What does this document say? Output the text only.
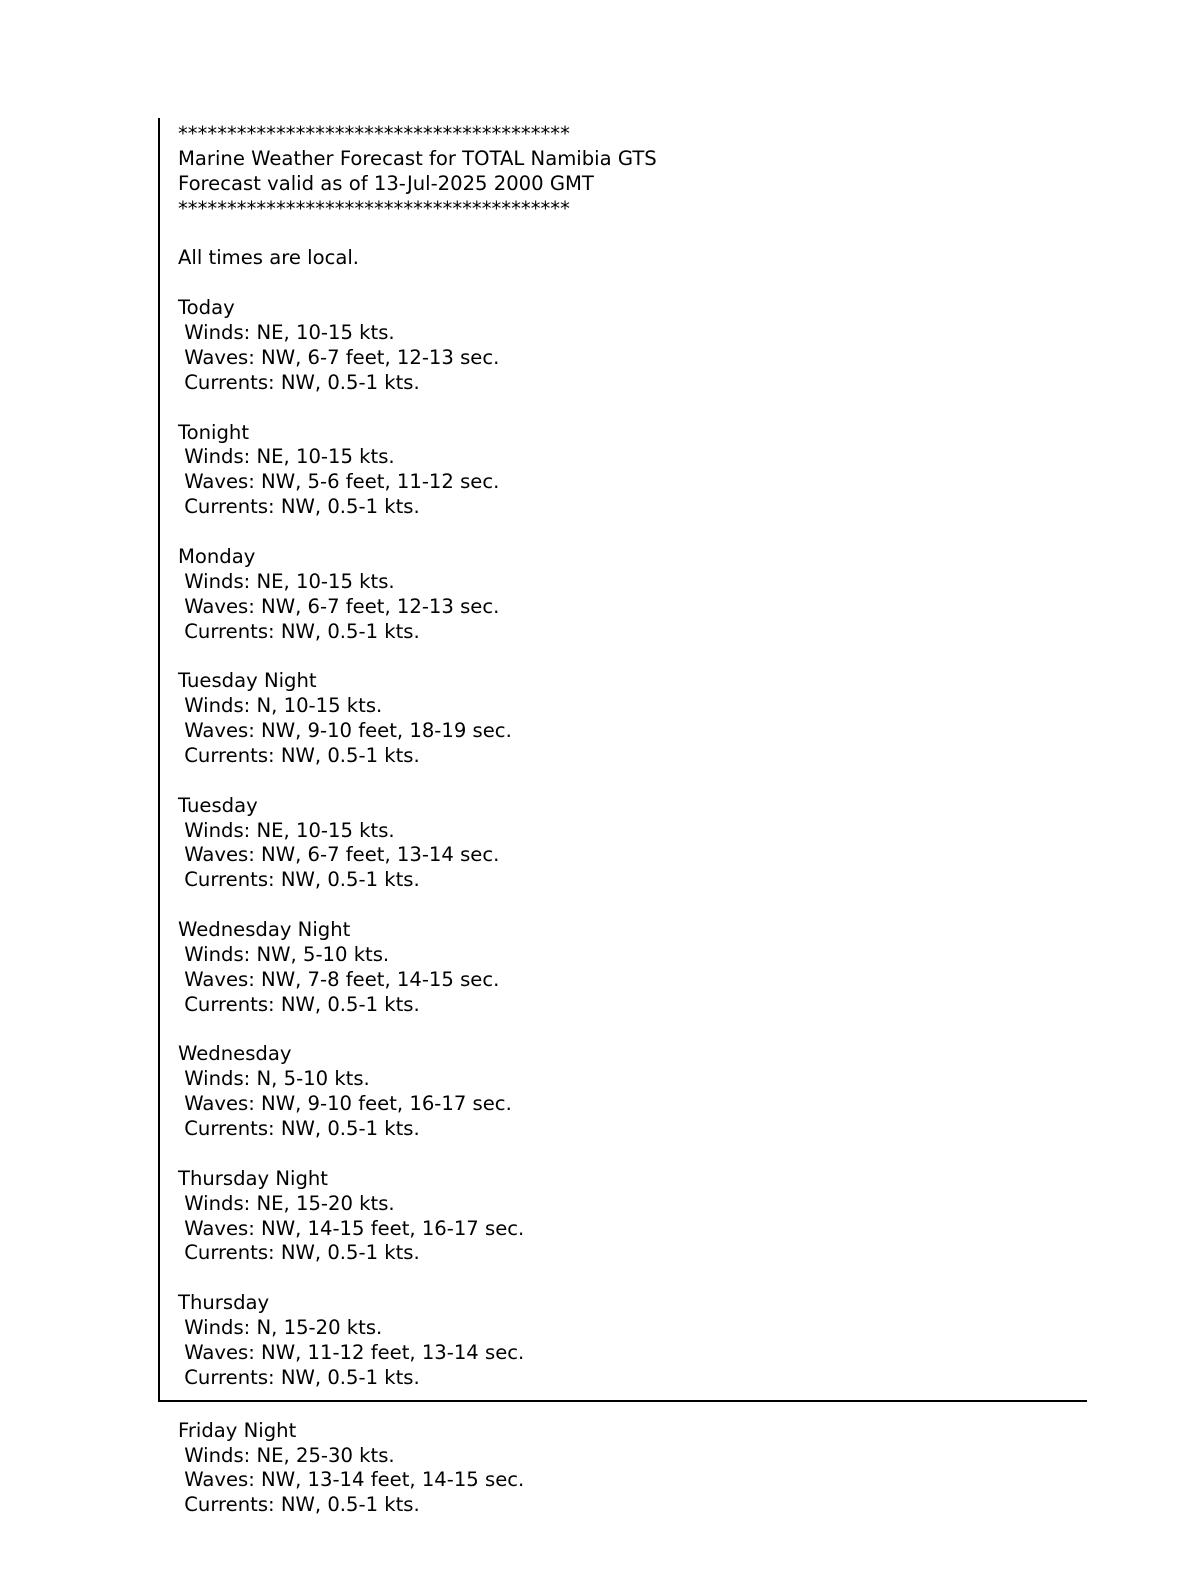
****************************************
Marine Weather Forecast for TOTAL Namibia GTS
Forecast valid as of 13-Jul-2025 2000 GMT
****************************************
All times are local.
Today
Winds: NE, 10-15 kts.
Waves: NW, 6-7 feet, 12-13 sec.
Currents: NW, 0.5-1 kts.
Tonight
Winds: NE, 10-15 kts.
Waves: NW, 5-6 feet, 11-12 sec.
Currents: NW, 0.5-1 kts.
Monday
Winds: NE, 10-15 kts.
Waves: NW, 6-7 feet, 12-13 sec.
Currents: NW, 0.5-1 kts.
Tuesday Night
Winds: N, 10-15 kts.
Waves: NW, 9-10 feet, 18-19 sec.
Currents: NW, 0.5-1 kts.
Tuesday
Winds: NE, 10-15 kts.
Waves: NW, 6-7 feet, 13-14 sec.
Currents: NW, 0.5-1 kts.
Wednesday Night
Winds: NW, 5-10 kts.
Waves: NW, 7-8 feet, 14-15 sec.
Currents: NW, 0.5-1 kts.
Wednesday
Winds: N, 5-10 kts.
Waves: NW, 9-10 feet, 16-17 sec.
Currents: NW, 0.5-1 kts.
Thursday Night
Winds: NE, 15-20 kts.
Waves: NW, 14-15 feet, 16-17 sec.
Currents: NW, 0.5-1 kts.
Thursday
Winds: N, 15-20 kts.
Waves: NW, 11-12 feet, 13-14 sec.
Currents: NW, 0.5-1 kts.
Friday Night
Winds: NE, 25-30 kts.
Waves: NW, 13-14 feet, 14-15 sec.
Currents: NW, 0.5-1 kts.
